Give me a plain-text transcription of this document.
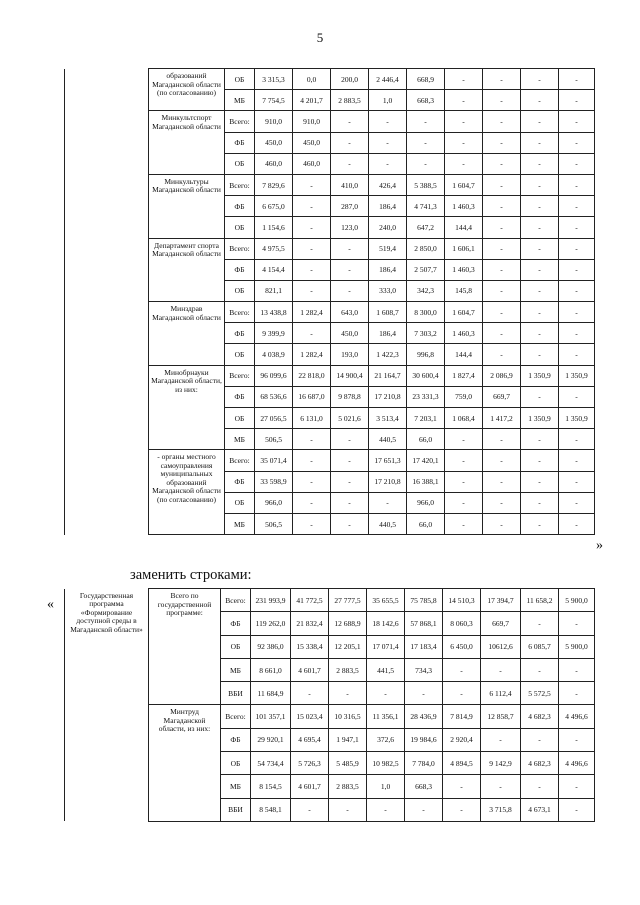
5
	образований Магаданской области (по согласованию)	ОБ	3 315,3	0,0	200,0	2 446,4	668,9	-	-	-	-
		МБ	7 754,5	4 201,7	2 883,5	1,0	668,3	-	-	-	-
	Минкультспорт Магаданской области	Всего:	910,0	910,0	-	-	-	-	-	-	-
		ФБ	450,0	450,0	-	-	-	-	-	-	-
		ОБ	460,0	460,0	-	-	-	-	-	-	-
	Минкультуры Магаданской области	Всего:	7 829,6	-	410,0	426,4	5 388,5	1 604,7	-	-	-
		ФБ	6 675,0	-	287,0	186,4	4 741,3	1 460,3	-	-	-
		ОБ	1 154,6	-	123,0	240,0	647,2	144,4	-	-	-
	Департамент спорта Магаданской области	Всего:	4 975,5	-	-	519,4	2 850,0	1 606,1	-	-	-
		ФБ	4 154,4	-	-	186,4	2 507,7	1 460,3	-	-	-
		ОБ	821,1	-	-	333,0	342,3	145,8	-	-	-
	Минздрав Магаданской области	Всего:	13 438,8	1 282,4	643,0	1 608,7	8 300,0	1 604,7	-	-	-
		ФБ	9 399,9	-	450,0	186,4	7 303,2	1 460,3	-	-	-
		ОБ	4 038,9	1 282,4	193,0	1 422,3	996,8	144,4	-	-	-
	Минобрнауки Магаданской области, из них:	Всего:	96 099,6	22 818,0	14 900,4	21 164,7	30 600,4	1 827,4	2 086,9	1 350,9	1 350,9
		ФБ	68 536,6	16 687,0	9 878,8	17 210,8	23 331,3	759,0	669,7	-	-
		ОБ	27 056,5	6 131,0	5 021,6	3 513,4	7 203,1	1 068,4	1 417,2	1 350,9	1 350,9
		МБ	506,5	-	-	440,5	66,0	-	-	-	-
	- органы местного самоуправления муниципальных образований Магаданской области (по согласованию)	Всего:	35 071,4	-	-	17 651,3	17 420,1	-	-	-	-
		ФБ	33 598,9	-	-	17 210,8	16 388,1	-	-	-	-
		ОБ	966,0	-	-	-	966,0	-	-	-	-
		МБ	506,5	-	-	440,5	66,0	-	-	-	-
»
заменить строками:
«
Государственная программа «Формирование доступной среды в Магаданской области»	Всего по государственной программе:	Всего:	231 993,9	41 772,5	27 777,5	35 655,5	75 785,8	14 510,3	17 394,7	11 658,2	5 900,0
		ФБ	119 262,0	21 832,4	12 688,9	18 142,6	57 868,1	8 060,3	669,7	-	-
		ОБ	92 386,0	15 338,4	12 205,1	17 071,4	17 183,4	6 450,0	10612,6	6 085,7	5 900,0
		МБ	8 661,0	4 601,7	2 883,5	441,5	734,3	-	-	-	-
		ВБИ	11 684,9	-	-	-	-	-	6 112,4	5 572,5	-
	Минтруд Магаданской области, из них:	Всего:	101 357,1	15 023,4	10 316,5	11 356,1	28 436,9	7 814,9	12 858,7	4 682,3	4 496,6
		ФБ	29 920,1	4 695,4	1 947,1	372,6	19 984,6	2 920,4	-	-	-
		ОБ	54 734,4	5 726,3	5 485,9	10 982,5	7 784,0	4 894,5	9 142,9	4 682,3	4 496,6
		МБ	8 154,5	4 601,7	2 883,5	1,0	668,3	-	-	-	-
		ВБИ	8 548,1	-	-	-	-	-	3 715,8	4 673,1	-
